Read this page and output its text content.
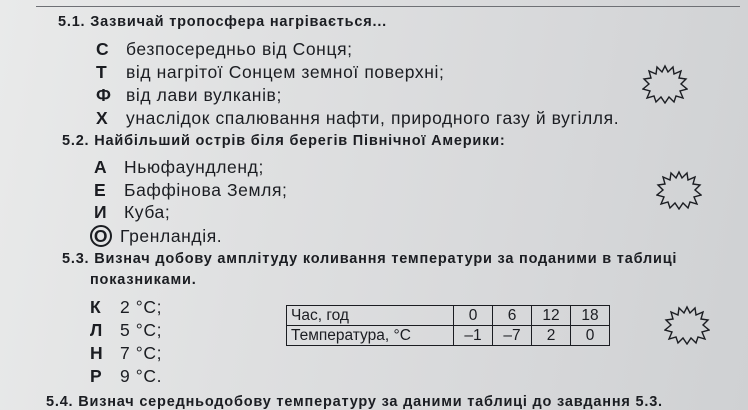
5.1. Зазвичай тропосфера нагрівається...
С безпосередньо від Сонця;
Т від нагрітої Сонцем земної поверхні;
Ф від лави вулканів;
Х унаслідок спалювання нафти, природного газу й вугілля.
5.2. Найбільший острів біля берегів Північної Америки:
А Ньюфаундленд;
Е Баффінова Земля;
И Куба;
О Гренландія.
5.3. Визнач добову амплітуду коливання температури за поданими в таблиці
показниками.
К 2 °С;
Л 5 °С;
Н 7 °С;
Р 9 °С.
Час, год	0	6	12	18
Температура, °С	–1	–7	2	0
5.4. Визнач середньодобову температуру за даними таблиці до завдання 5.3.
